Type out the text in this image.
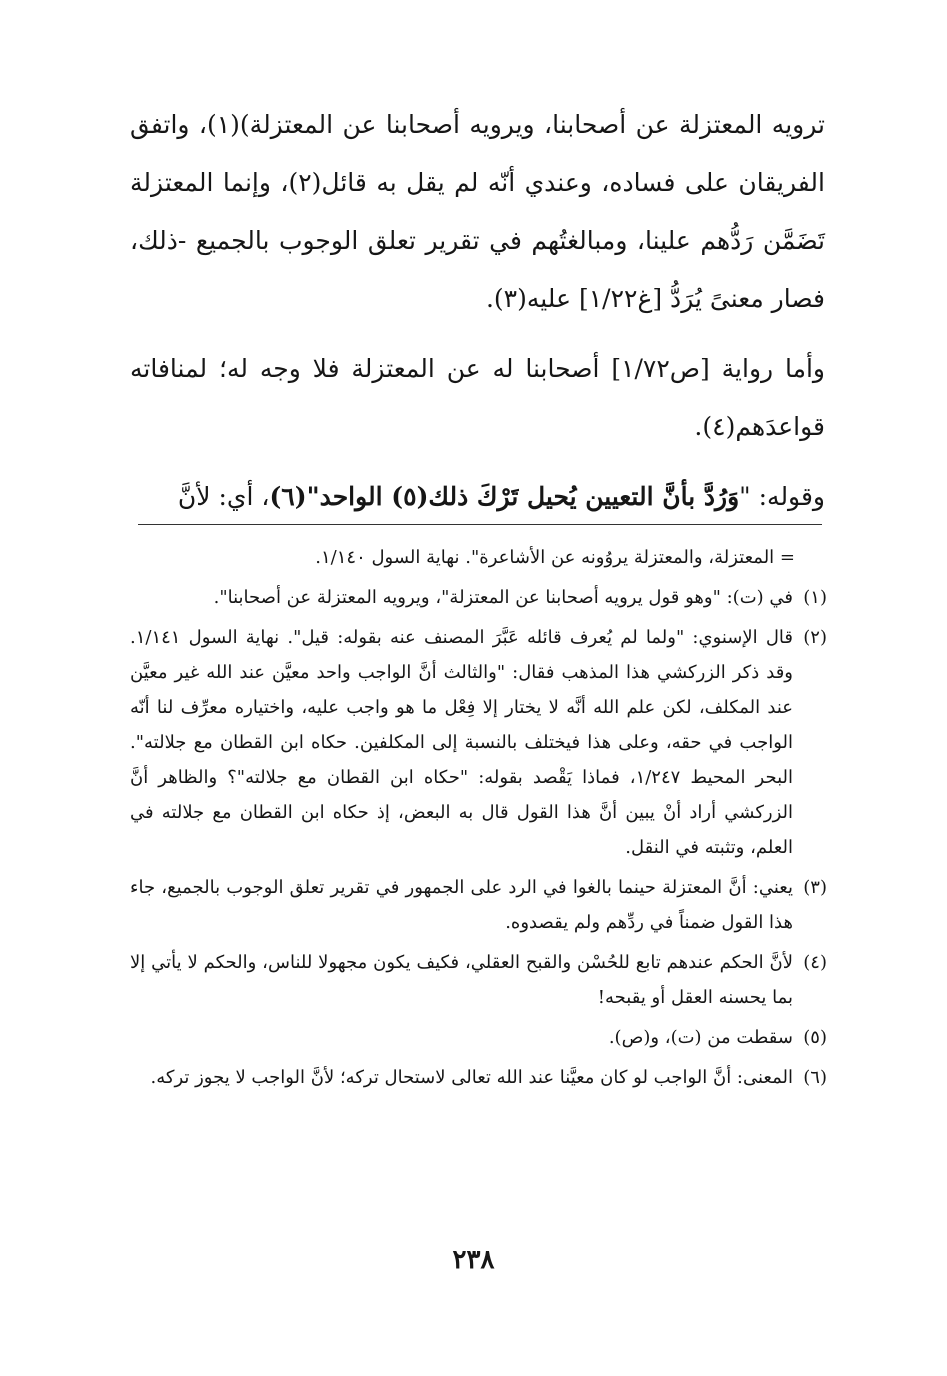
ترويه المعتزلة عن أصحابنا، ويرويه أصحابنا عن المعتزلة)(١)، واتفق الفريقان على فساده، وعندي أنّه لم يقل به قائل(٢)، وإنما المعتزلة تَضَمَّن رَدُّهم علينا، ومبالغتُهم في تقرير تعلق الوجوب بالجميع -ذلك، فصار معنىً يُرَدُّ [غ١/٢٢] عليه(٣).

وأما رواية [ص١/٧٢] أصحابنا له عن المعتزلة فلا وجه له؛ لمنافاته قواعدَهم(٤).

وقوله: "وَرُدَّ بأنَّ التعيين يُحيل تَرْكَ ذلك(٥) الواحد"(٦)، أي: لأنَّ

= المعتزلة، والمعتزلة يروُونه عن الأشاعرة". نهاية السول ١/١٤٠.
(١)
في (ت): "وهو قول يرويه أصحابنا عن المعتزلة"، ويرويه المعتزلة عن أصحابنا".
(٢)
قال الإسنوي: "ولما لم يُعرف قائله عَبَّرَ المصنف عنه بقوله: قيل". نهاية السول ١/١٤١. وقد ذكر الزركشي هذا المذهب فقال: "والثالث أنَّ الواجب واحد معيَّن عند الله غير معيَّن عند المكلف، لكن علم الله أنَّه لا يختار إلا فِعْل ما هو واجب عليه، واختياره معرِّف لنا أنّه الواجب في حقه، وعلى هذا فيختلف بالنسبة إلى المكلفين. حكاه ابن القطان مع جلالته". البحر المحيط ١/٢٤٧، فماذا يَقْصد بقوله: "حكاه ابن القطان مع جلالته"؟ والظاهر أنَّ الزركشي أراد أنْ يبين أنَّ هذا القول قال به البعض، إذ حكاه ابن القطان مع جلالته في العلم، وتثبته في النقل.
(٣)
يعني: أنَّ المعتزلة حينما بالغوا في الرد على الجمهور في تقرير تعلق الوجوب بالجميع، جاء هذا القول ضمناً في ردِّهم ولم يقصدوه.
(٤)
لأنَّ الحكم عندهم تابع للحُسْن والقبح العقلي، فكيف يكون مجهولا للناس، والحكم لا يأتي إلا بما يحسنه العقل أو يقبحه!
(٥)
سقطت من (ت)، و(ص).
(٦)
المعنى: أنَّ الواجب لو كان معيَّنا عند الله تعالى لاستحال تركه؛ لأنَّ الواجب لا يجوز تركه.
٢٣٨
